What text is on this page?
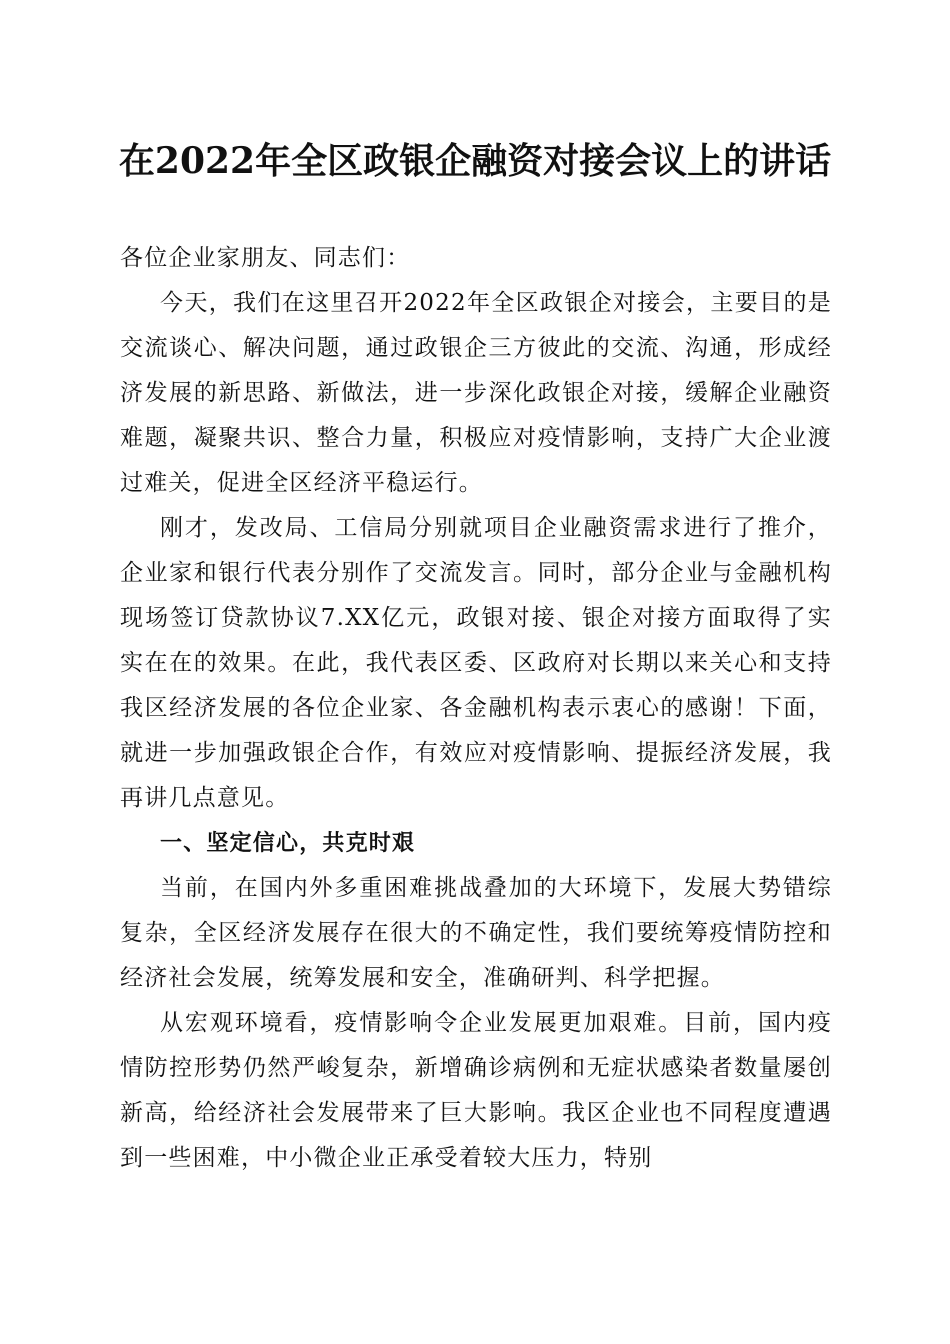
在2022年全区政银企融资对接会议上的讲话

各位企业家朋友、同志们：

今天，我们在这里召开2022年全区政银企对接会，主要目的是交流谈心、解决问题，通过政银企三方彼此的交流、沟通，形成经济发展的新思路、新做法，进一步深化政银企对接，缓解企业融资难题，凝聚共识、整合力量，积极应对疫情影响，支持广大企业渡过难关，促进全区经济平稳运行。

刚才，发改局、工信局分别就项目企业融资需求进行了推介，企业家和银行代表分别作了交流发言。同时，部分企业与金融机构现场签订贷款协议7.XX亿元，政银对接、银企对接方面取得了实实在在的效果。在此，我代表区委、区政府对长期以来关心和支持我区经济发展的各位企业家、各金融机构表示衷心的感谢！下面，就进一步加强政银企合作，有效应对疫情影响、提振经济发展，我再讲几点意见。

一、坚定信心，共克时艰

当前，在国内外多重困难挑战叠加的大环境下，发展大势错综复杂，全区经济发展存在很大的不确定性，我们要统筹疫情防控和经济社会发展，统筹发展和安全，准确研判、科学把握。

从宏观环境看，疫情影响令企业发展更加艰难。目前，国内疫情防控形势仍然严峻复杂，新增确诊病例和无症状感染者数量屡创新高，给经济社会发展带来了巨大影响。我区企业也不同程度遭遇到一些困难，中小微企业正承受着较大压力，特别
